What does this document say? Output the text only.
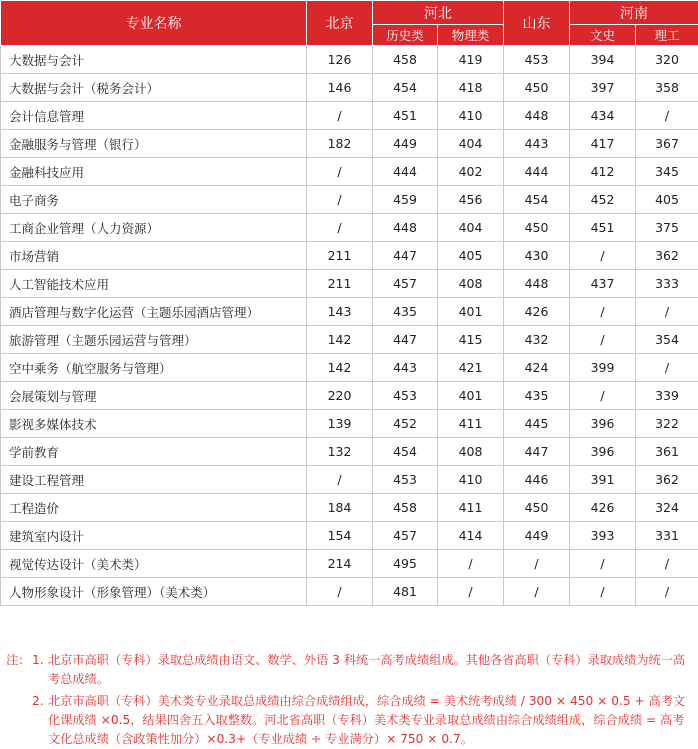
专业名称	北京	河北		山东	河南	
		历史类	物理类		文史	理工
大数据与会计	126	458	419	453	394	320
大数据与会计（税务会计）	146	454	418	450	397	358
会计信息管理	/	451	410	448	434	/
金融服务与管理（银行）	182	449	404	443	417	367
金融科技应用	/	444	402	444	412	345
电子商务	/	459	456	454	452	405
工商企业管理（人力资源）	/	448	404	450	451	375
市场营销	211	447	405	430	/	362
人工智能技术应用	211	457	408	448	437	333
酒店管理与数字化运营（主题乐园酒店管理）	143	435	401	426	/	/
旅游管理（主题乐园运营与管理）	142	447	415	432	/	354
空中乘务（航空服务与管理）	142	443	421	424	399	/
会展策划与管理	220	453	401	435	/	339
影视多媒体技术	139	452	411	445	396	322
学前教育	132	454	408	447	396	361
建设工程管理	/	453	410	446	391	362
工程造价	184	458	411	450	426	324
建筑室内设计	154	457	414	449	393	331
视觉传达设计（美术类）	214	495	/	/	/	/
人物形象设计（形象管理）（美术类）	/	481	/	/	/	/
注： 1. 北京市高职（专科）录取总成绩由语文、数学、外语 3 科统一高考成绩组成。其他各省高职（专科）录取成绩为统一高考总成绩。
2. 北京市高职（专科）美术类专业录取总成绩由综合成绩组成，综合成绩 = 美术统考成绩 / 300 × 450 × 0.5 + 高考文化课成绩 ×0.5，结果四舍五入取整数。河北省高职（专科）美术类专业录取总成绩由综合成绩组成，综合成绩 = 高考文化总成绩（含政策性加分）×0.3+（专业成绩 ÷ 专业满分）× 750 × 0.7。
